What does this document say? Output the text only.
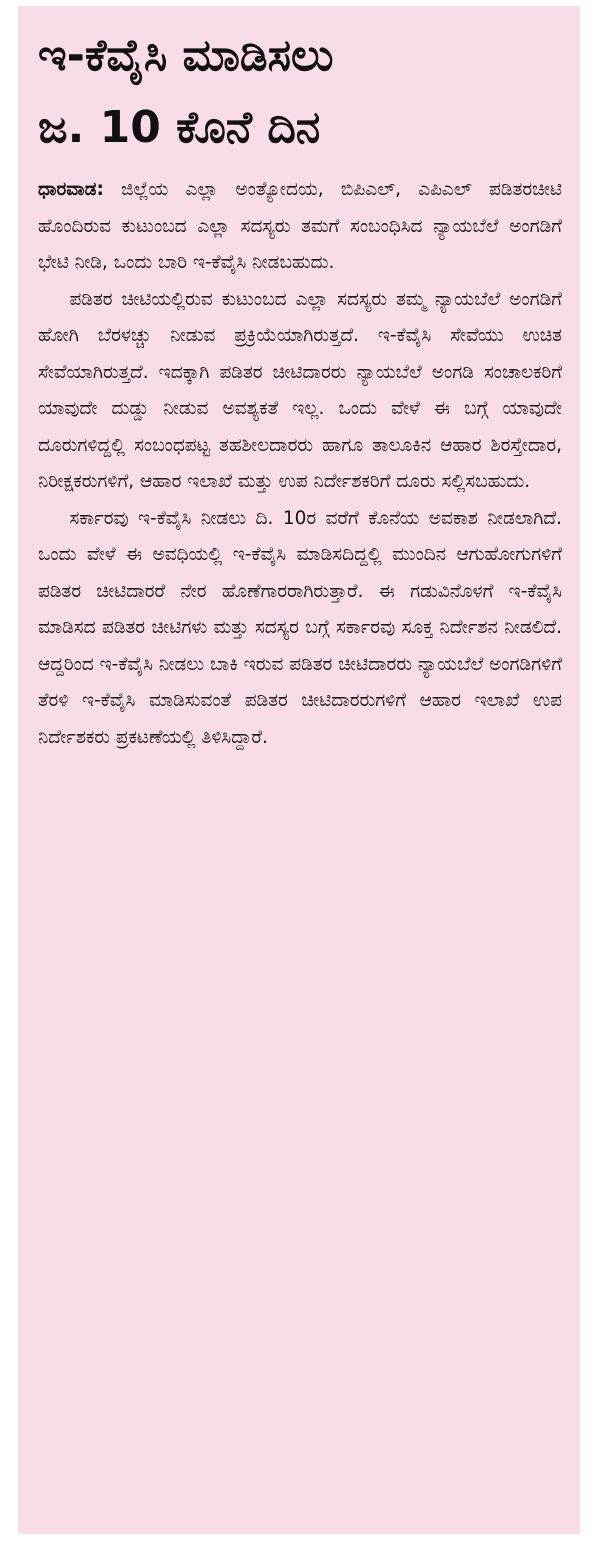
ಇ-ಕೆವೈಸಿ ಮಾಡಿಸಲು
ಜ. 10 ಕೊನೆ ದಿನ

ಧಾರವಾಡ: ಜಿಲ್ಲೆಯ ಎಲ್ಲಾ ಅಂತ್ಯೋದಯ, ಬಿಪಿಎಲ್, ಎಪಿಎಲ್ ಪಡಿತರಚೀಟಿ ಹೊಂದಿರುವ ಕುಟುಂಬದ ಎಲ್ಲಾ ಸದಸ್ಯರು ತಮಗೆ ಸಂಬಂಧಿಸಿದ ನ್ಯಾಯಬೆಲೆ ಅಂಗಡಿಗೆ ಭೇಟಿ ನೀಡಿ, ಒಂದು ಬಾರಿ ಇ-ಕೆವೈಸಿ ನೀಡಬಹುದು.

ಪಡಿತರ ಚೀಟಿಯಲ್ಲಿರುವ ಕುಟುಂಬದ ಎಲ್ಲಾ ಸದಸ್ಯರು ತಮ್ಮ ನ್ಯಾಯಬೆಲೆ ಅಂಗಡಿಗೆ ಹೋಗಿ ಬೆರಳಚ್ಚು ನೀಡುವ ಪ್ರಕ್ರಿಯೆಯಾಗಿರುತ್ತದೆ. ಇ-ಕೆವೈಸಿ ಸೇವೆಯು ಉಚಿತ ಸೇವೆಯಾಗಿರುತ್ತದೆ. ಇದಕ್ಕಾಗಿ ಪಡಿತರ ಚೀಟಿದಾರರು ನ್ಯಾಯಬೆಲೆ ಅಂಗಡಿ ಸಂಚಾಲಕರಿಗೆ ಯಾವುದೇ ದುಡ್ಡು ನೀಡುವ ಅವಶ್ಯಕತೆ ಇಲ್ಲ. ಒಂದು ವೇಳೆ ಈ ಬಗ್ಗೆ ಯಾವುದೇ ದೂರುಗಳಿದ್ದಲ್ಲಿ ಸಂಬಂಧಪಟ್ಟ ತಹಶೀಲದಾರರು ಹಾಗೂ ತಾಲೂಕಿನ ಆಹಾರ ಶಿರಸ್ತೇದಾರ, ನಿರೀಕ್ಷಕರುಗಳಿಗೆ, ಆಹಾರ ಇಲಾಖೆ ಮತ್ತು ಉಪ ನಿರ್ದೇಶಕರಿಗೆ ದೂರು ಸಲ್ಲಿಸಬಹುದು.

ಸರ್ಕಾರವು ಇ-ಕೆವೈಸಿ ನೀಡಲು ದಿ. 10ರ ವರೆಗೆ ಕೊನೆಯ ಅವಕಾಶ ನೀಡಲಾಗಿದೆ. ಒಂದು ವೇಳೆ ಈ ಅವಧಿಯಲ್ಲಿ ಇ-ಕೆವೈಸಿ ಮಾಡಿಸದಿದ್ದಲ್ಲಿ ಮುಂದಿನ ಆಗುಹೋಗುಗಳಿಗೆ ಪಡಿತರ ಚೀಟಿದಾರರೆ ನೇರ ಹೊಣೆಗಾರರಾಗಿರುತ್ತಾರೆ. ಈ ಗಡುವಿನೊಳಗೆ ಇ-ಕೆವೈಸಿ ಮಾಡಿಸದ ಪಡಿತರ ಚೀಟಿಗಳು ಮತ್ತು ಸದಸ್ಯರ ಬಗ್ಗೆ ಸರ್ಕಾರವು ಸೂಕ್ತ ನಿರ್ದೇಶನ ನೀಡಲಿದೆ. ಆದ್ದರಿಂದ ಇ-ಕೆವೈಸಿ ನೀಡಲು ಬಾಕಿ ಇರುವ ಪಡಿತರ ಚೀಟಿದಾರರು ನ್ಯಾಯಬೆಲೆ ಅಂಗಡಿಗಳಿಗೆ ತೆರಳಿ ಇ-ಕೆವೈಸಿ ಮಾಡಿಸುವಂತೆ ಪಡಿತರ ಚೀಟಿದಾರರುಗಳಿಗೆ ಆಹಾರ ಇಲಾಖೆ ಉಪ ನಿರ್ದೇಶಕರು ಪ್ರಕಟಣೆಯಲ್ಲಿ ತಿಳಿಸಿದ್ದಾರೆ.
